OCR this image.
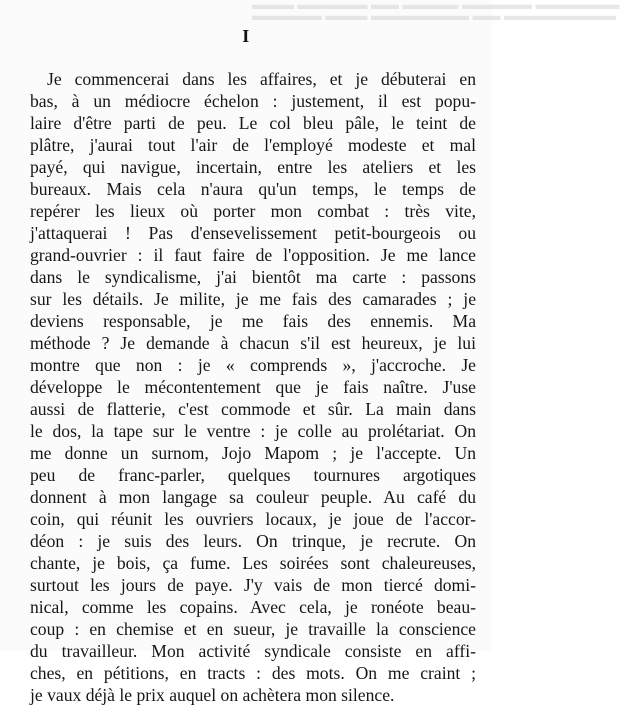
▬▬▬ ▬▬▬▬▬ ▬▬ ▬▬▬▬ ▬▬▬▬▬ ▬▬▬▬▬▬
▬▬▬▬▬ ▬▬▬ ▬▬▬▬▬▬▬ ▬▬ ▬▬▬▬▬▬▬▬
I
Je commencerai dans les affaires, et je débuterai en
bas, à un médiocre échelon : justement, il est popu-
laire d'être parti de peu. Le col bleu pâle, le teint de
plâtre, j'aurai tout l'air de l'employé modeste et mal
payé, qui navigue, incertain, entre les ateliers et les
bureaux. Mais cela n'aura qu'un temps, le temps de
repérer les lieux où porter mon combat : très vite,
j'attaquerai ! Pas d'ensevelissement petit-bourgeois ou
grand-ouvrier : il faut faire de l'opposition. Je me lance
dans le syndicalisme, j'ai bientôt ma carte : passons
sur les détails. Je milite, je me fais des camarades ; je
deviens responsable, je me fais des ennemis. Ma
méthode ? Je demande à chacun s'il est heureux, je lui
montre que non : je « comprends », j'accroche. Je
développe le mécontentement que je fais naître. J'use
aussi de flatterie, c'est commode et sûr. La main dans
le dos, la tape sur le ventre : je colle au prolétariat. On
me donne un surnom, Jojo Mapom ; je l'accepte. Un
peu de franc-parler, quelques tournures argotiques
donnent à mon langage sa couleur peuple. Au café du
coin, qui réunit les ouvriers locaux, je joue de l'accor-
déon : je suis des leurs. On trinque, je recrute. On
chante, je bois, ça fume. Les soirées sont chaleureuses,
surtout les jours de paye. J'y vais de mon tiercé domi-
nical, comme les copains. Avec cela, je ronéote beau-
coup : en chemise et en sueur, je travaille la conscience
du travailleur. Mon activité syndicale consiste en affi-
ches, en pétitions, en tracts : des mots. On me craint ;
je vaux déjà le prix auquel on achètera mon silence.
